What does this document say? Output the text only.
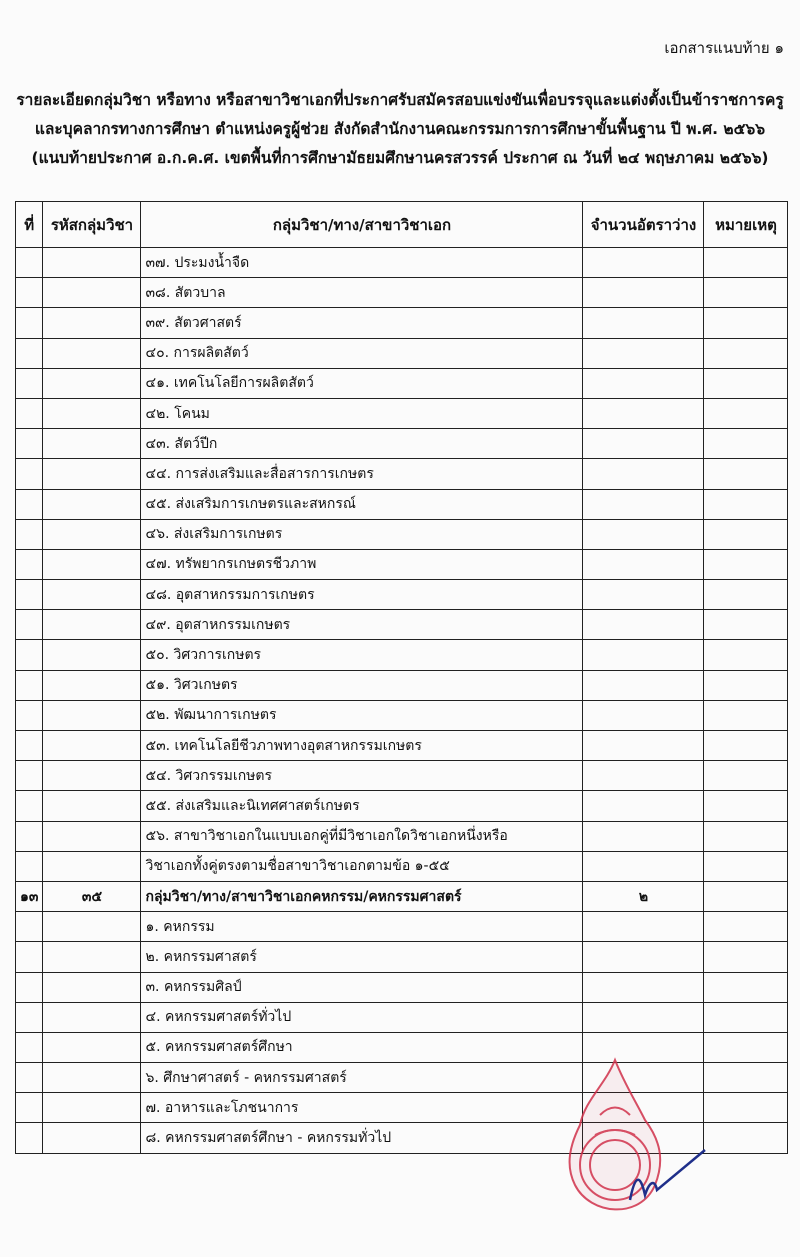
เอกสารแนบท้าย ๑
รายละเอียดกลุ่มวิชา หรือทาง หรือสาขาวิชาเอกที่ประกาศรับสมัครสอบแข่งขันเพื่อบรรจุและแต่งตั้งเป็นข้าราชการครู
และบุคลากรทางการศึกษา ตำแหน่งครูผู้ช่วย สังกัดสำนักงานคณะกรรมการการศึกษาขั้นพื้นฐาน ปี พ.ศ. ๒๕๖๖
(แนบท้ายประกาศ อ.ก.ค.ศ. เขตพื้นที่การศึกษามัธยมศึกษานครสวรรค์ ประกาศ ณ วันที่ ๒๔ พฤษภาคม ๒๕๖๖)
ที่	รหัสกลุ่มวิชา	กลุ่มวิชา/ทาง/สาขาวิชาเอก	จำนวนอัตราว่าง	หมายเหตุ
		๓๗. ประมงน้ำจืด		
		๓๘. สัตวบาล		
		๓๙. สัตวศาสตร์		
		๔๐. การผลิตสัตว์		
		๔๑. เทคโนโลยีการผลิตสัตว์		
		๔๒. โคนม		
		๔๓. สัตว์ปีก		
		๔๔. การส่งเสริมและสื่อสารการเกษตร		
		๔๕. ส่งเสริมการเกษตรและสหกรณ์		
		๔๖. ส่งเสริมการเกษตร		
		๔๗. ทรัพยากรเกษตรชีวภาพ		
		๔๘. อุตสาหกรรมการเกษตร		
		๔๙. อุตสาหกรรมเกษตร		
		๕๐. วิศวการเกษตร		
		๕๑. วิศวเกษตร		
		๕๒. พัฒนาการเกษตร		
		๕๓. เทคโนโลยีชีวภาพทางอุตสาหกรรมเกษตร		
		๕๔. วิศวกรรมเกษตร		
		๕๕. ส่งเสริมและนิเทศศาสตร์เกษตร		
		๕๖. สาขาวิชาเอกในแบบเอกคู่ที่มีวิชาเอกใดวิชาเอกหนึ่งหรือ		
		วิชาเอกทั้งคู่ตรงตามชื่อสาขาวิชาเอกตามข้อ ๑-๕๕		
๑๓	๓๕	กลุ่มวิชา/ทาง/สาขาวิชาเอกคหกรรม/คหกรรมศาสตร์	๒	
		๑. คหกรรม		
		๒. คหกรรมศาสตร์		
		๓. คหกรรมศิลป์		
		๔. คหกรรมศาสตร์ทั่วไป		
		๕. คหกรรมศาสตร์ศึกษา		
		๖. ศึกษาศาสตร์ - คหกรรมศาสตร์		
		๗. อาหารและโภชนาการ		
		๘. คหกรรมศาสตร์ศึกษา - คหกรรมทั่วไป		
